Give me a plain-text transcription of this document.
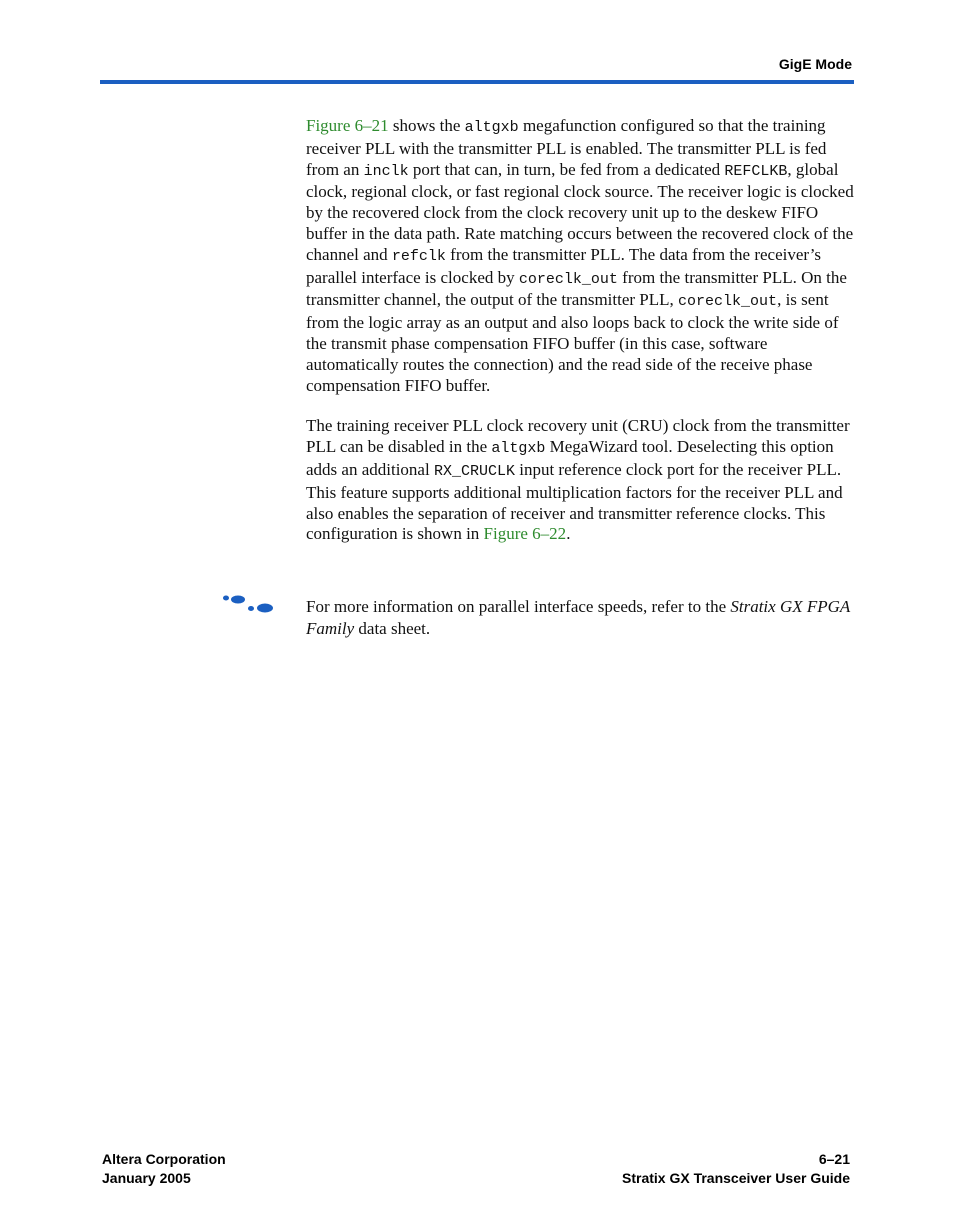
GigE Mode

Figure 6–21 shows the altgxb megafunction configured so that the training receiver PLL with the transmitter PLL is enabled. The transmitter PLL is fed from an inclk port that can, in turn, be fed from a dedicated REFCLKB, global clock, regional clock, or fast regional clock source. The receiver logic is clocked by the recovered clock from the clock recovery unit up to the deskew FIFO buffer in the data path. Rate matching occurs between the recovered clock of the channel and refclk from the transmitter PLL. The data from the receiver’s parallel interface is clocked by coreclk_out from the transmitter PLL. On the transmitter channel, the output of the transmitter PLL, coreclk_out, is sent from the logic array as an output and also loops back to clock the write side of the transmit phase compensation FIFO buffer (in this case, software automatically routes the connection) and the read side of the receive phase compensation FIFO buffer.

The training receiver PLL clock recovery unit (CRU) clock from the transmitter PLL can be disabled in the altgxb MegaWizard tool. Deselecting this option adds an additional RX_CRUCLK input reference clock port for the receiver PLL. This feature supports additional multiplication factors for the receiver PLL and also enables the separation of receiver and transmitter reference clocks. This configuration is shown in Figure 6–22.

For more information on parallel interface speeds, refer to the Stratix GX FPGA Family data sheet.
Altera Corporation
January 2005
6–21
Stratix GX Transceiver User Guide
